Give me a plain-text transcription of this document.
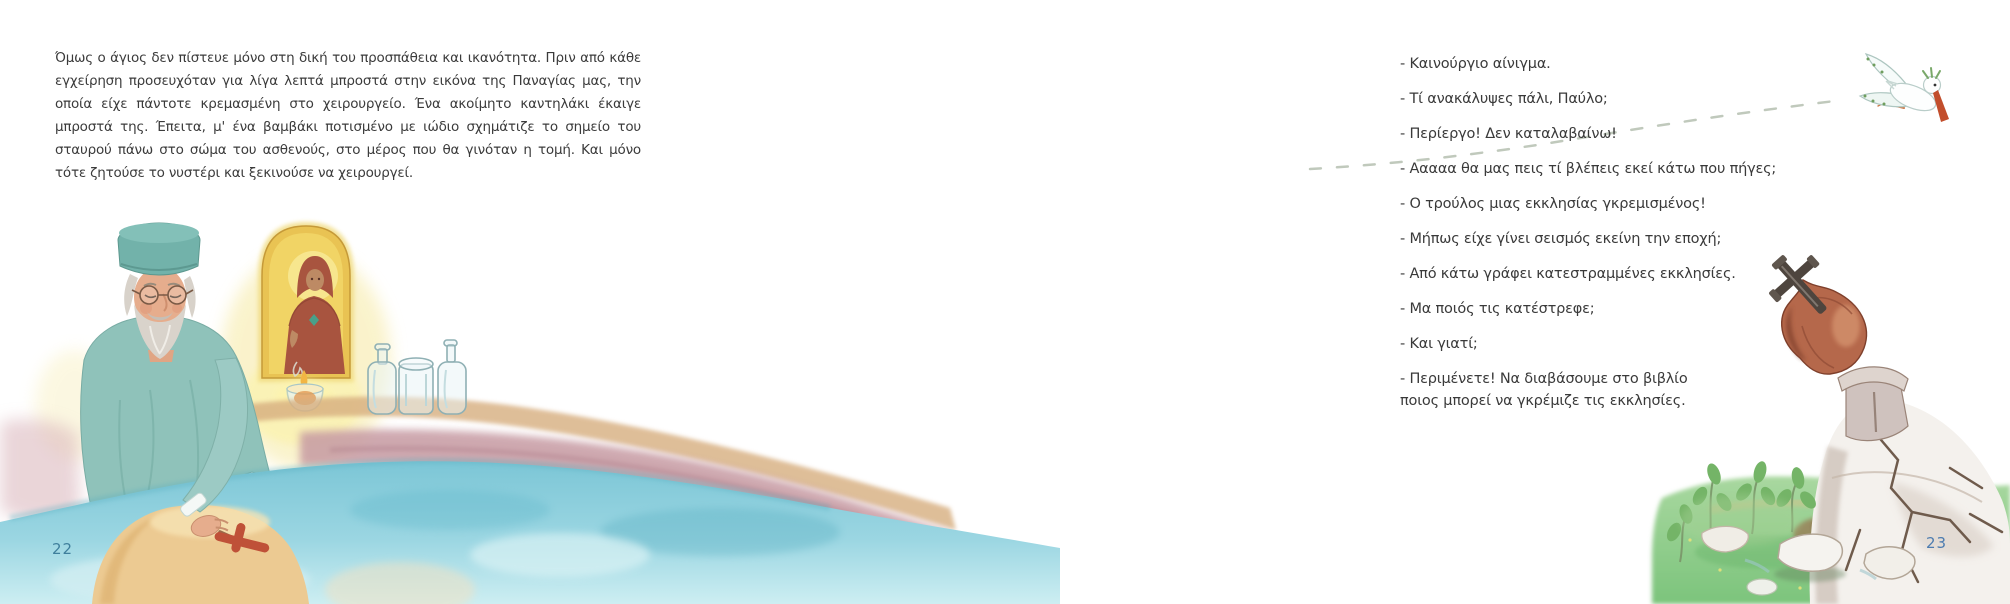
Όμως ο άγιος δεν πίστευε μόνο στη δική του προσπάθεια και ικανότητα. Πριν από κάθε εγχείρηση προσευχόταν για λίγα λεπτά μπροστά στην εικόνα της Παναγίας μας, την οποία είχε πάντοτε κρεμασμένη στο χειρουργείο. Ένα ακοίμητο καντηλάκι έκαιγε μπροστά της. Έπειτα, μ' ένα βαμβάκι ποτισμένο με ιώδιο σχημάτιζε το σημείο του σταυρού πάνω στο σώμα του ασθενούς, στο μέρος που θα γινόταν η τομή. Και μόνο τότε ζητούσε το νυστέρι και ξεκινούσε να χειρουργεί.

22

- Καινούργιο αίνιγμα.

- Τί ανακάλυψες πάλι, Παύλο;

- Περίεργο! Δεν καταλαβαίνω!

- Ααααα θα μας πεις τί βλέπεις εκεί κάτω που πήγες;

- Ο τρούλος μιας εκκλησίας γκρεμισμένος!

- Μήπως είχε γίνει σεισμός εκείνη την εποχή;

- Από κάτω γράφει κατεστραμμένες εκκλησίες.

- Μα ποιός τις κατέστρεφε;

- Και γιατί;

- Περιμένετε! Να διαβάσουμε στο βιβλίο
ποιος μπορεί να γκρέμιζε τις εκκλησίες.

23
